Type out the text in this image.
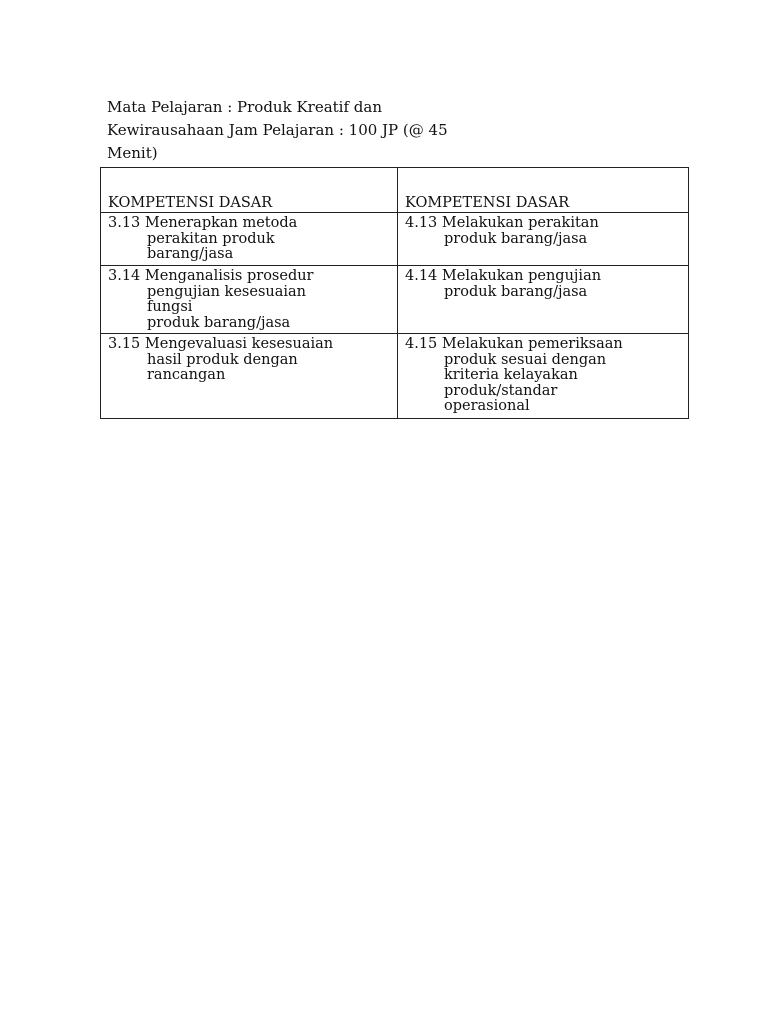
Mata Pelajaran : Produk Kreatif dan
Kewirausahaan Jam Pelajaran : 100 JP (@ 45
Menit)
KOMPETENSI DASAR	KOMPETENSI DASAR

3.13 Menerapkan metoda
perakitan produk
barang/jasa	4.13 Melakukan perakitan
produk barang/jasa

3.14 Menganalisis prosedur
pengujian kesesuaian
fungsi
produk barang/jasa	4.14 Melakukan pengujian
produk barang/jasa

3.15 Mengevaluasi kesesuaian
hasil produk dengan
rancangan	4.15 Melakukan pemeriksaan
produk sesuai dengan
kriteria kelayakan
produk/standar
operasional
